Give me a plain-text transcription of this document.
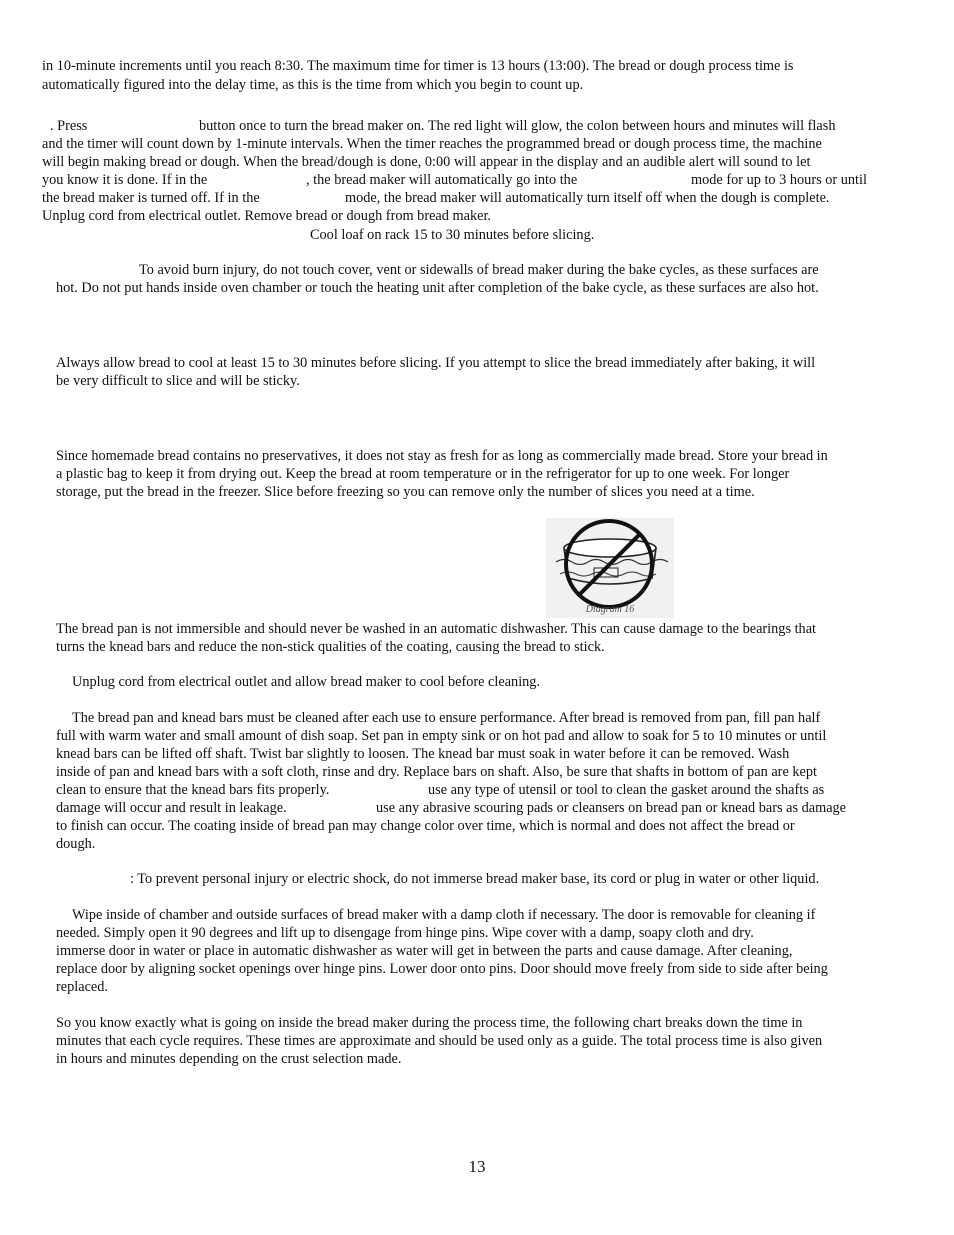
in 10-minute increments until you reach 8:30. The maximum time for timer is 13 hours (13:00). The bread or dough process time is

automatically figured into the delay time, as this is the time from which you begin to count up.

. Press	button once to turn the bread maker on. The red light will glow, the colon between hours and minutes will flash

and the timer will count down by 1-minute intervals. When the timer reaches the programmed bread or dough process time, the machine

will begin making bread or dough. When the bread/dough is done, 0:00 will appear in the display and an audible alert will sound to let

you know it is done. If in the	, the bread maker will automatically go into the	mode for up to 3 hours or until

the bread maker is turned off. If in the	mode, the bread maker will automatically turn itself off when the dough is complete.

Unplug cord from electrical outlet. Remove bread or dough from bread maker.

Cool loaf on rack 15 to 30 minutes before slicing.

To avoid burn injury, do not touch cover, vent or sidewalls of bread maker during the bake cycles, as these surfaces are

hot. Do not put hands inside oven chamber or touch the heating unit after completion of the bake cycle, as these surfaces are also hot.

Always allow bread to cool at least 15 to 30 minutes before slicing. If you attempt to slice the bread immediately after baking, it will

be very difficult to slice and will be sticky.

Since homemade bread contains no preservatives, it does not stay as fresh for as long as commercially made bread. Store your bread in

a plastic bag to keep it from drying out. Keep the bread at room temperature or in the refrigerator for up to one week. For longer

storage, put the bread in the freezer. Slice before freezing so you can remove only the number of slices you need at a time.

Diagram 16

The bread pan is not immersible and should never be washed in an automatic dishwasher. This can cause damage to the bearings that

turns the knead bars and reduce the non-stick qualities of the coating, causing the bread to stick.

Unplug cord from electrical outlet and allow bread maker to cool before cleaning.

The bread pan and knead bars must be cleaned after each use to ensure performance. After bread is removed from pan, fill pan half

full with warm water and small amount of dish soap. Set pan in empty sink or on hot pad and allow to soak for 5 to 10 minutes or until

knead bars can be lifted off shaft. Twist bar slightly to loosen. The knead bar must soak in water before it can be removed. Wash

inside of pan and knead bars with a soft cloth, rinse and dry. Replace bars on shaft. Also, be sure that shafts in bottom of pan are kept

clean to ensure that the knead bars fits properly.	use any type of utensil or tool to clean the gasket around the shafts as

damage will occur and result in leakage.	use any abrasive scouring pads or cleansers on bread pan or knead bars as damage

to finish can occur. The coating inside of bread pan may change color over time, which is normal and does not affect the bread or

dough.

: To prevent personal injury or electric shock, do not immerse bread maker base, its cord or plug in water or other liquid.

Wipe inside of chamber and outside surfaces of bread maker with a damp cloth if necessary. The door is removable for cleaning if

needed. Simply open it 90 degrees and lift up to disengage from hinge pins. Wipe cover with a damp, soapy cloth and dry.

immerse door in water or place in automatic dishwasher as water will get in between the parts and cause damage. After cleaning,

replace door by aligning socket openings over hinge pins. Lower door onto pins. Door should move freely from side to side after being

replaced.

So you know exactly what is going on inside the bread maker during the process time, the following chart breaks down the time in

minutes that each cycle requires. These times are approximate and should be used only as a guide. The total process time is also given

in hours and minutes depending on the crust selection made.

13
